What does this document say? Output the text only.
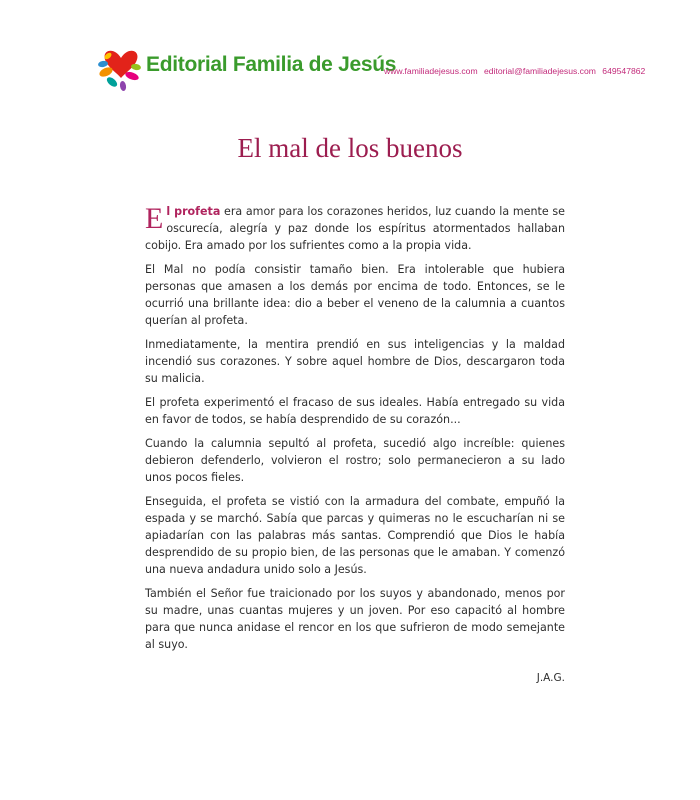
Editorial Familia de Jesús
www.familiadejesus.com editorial@familiadejesus.com 649547862
El mal de los buenos

El profeta era amor para los corazones heridos, luz cuando la mente se oscurecía, alegría y paz donde los espíritus atormentados hallaban cobijo. Era amado por los sufrientes como a la propia vida.

El Mal no podía consistir tamaño bien. Era intolerable que hubiera personas que amasen a los demás por encima de todo. Entonces, se le ocurrió una brillante idea: dio a beber el veneno de la calumnia a cuantos querían al profeta.

Inmediatamente, la mentira prendió en sus inteligencias y la maldad incendió sus corazones. Y sobre aquel hombre de Dios, descargaron toda su malicia.

El profeta experimentó el fracaso de sus ideales. Había entregado su vida en favor de todos, se había desprendido de su corazón...

Cuando la calumnia sepultó al profeta, sucedió algo increíble: quienes debieron defenderlo, volvieron el rostro; solo permanecieron a su lado unos pocos fieles.

Enseguida, el profeta se vistió con la armadura del combate, empuñó la espada y se marchó. Sabía que parcas y quimeras no le escucharían ni se apiadarían con las palabras más santas. Comprendió que Dios le había desprendido de su propio bien, de las personas que le amaban. Y comenzó una nueva andadura unido solo a Jesús.

También el Señor fue traicionado por los suyos y abandonado, menos por su madre, unas cuantas mujeres y un joven. Por eso capacitó al hombre para que nunca anidase el rencor en los que sufrieron de modo semejante al suyo.

J.A.G.
